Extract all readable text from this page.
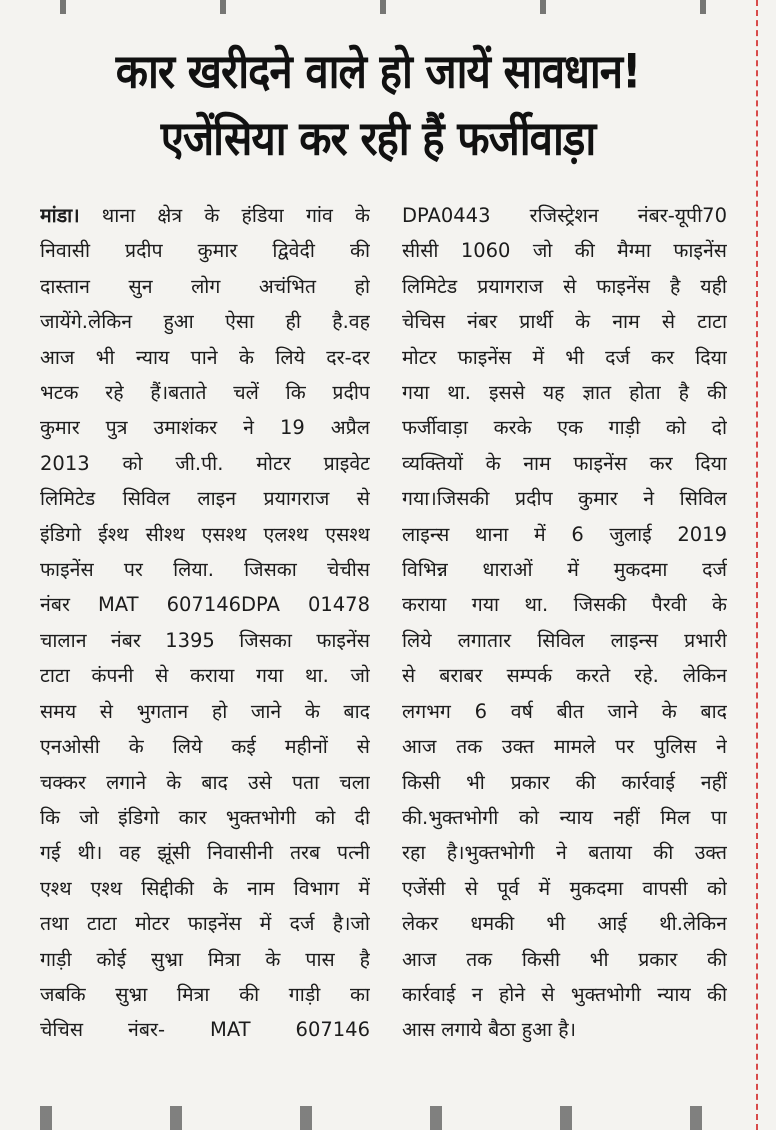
कार खरीदने वाले हो जायें सावधान!
एजेंसिया कर रही हैं फर्जीवाड़ा
मांडा। थाना क्षेत्र के हंडिया गांव के
निवासी प्रदीप कुमार द्विवेदी की
दास्तान सुन लोग अचंभित हो
जायेंगे.लेकिन हुआ ऐसा ही है.वह
आज भी न्याय पाने के लिये दर-दर
भटक रहे हैं।बताते चलें कि प्रदीप
कुमार पुत्र उमाशंकर ने 19 अप्रैल
2013 को जी.पी. मोटर प्राइवेट
लिमिटेड सिविल लाइन प्रयागराज से
इंडिगो ईश्थ सीश्थ एसश्थ एलश्थ एसश्थ
फाइनेंस पर लिया. जिसका चेचीस
नंबर MAT 607146DPA 01478
चालान नंबर 1395 जिसका फाइनेंस
टाटा कंपनी से कराया गया था. जो
समय से भुगतान हो जाने के बाद
एनओसी के लिये कई महीनों से
चक्कर लगाने के बाद उसे पता चला
कि जो इंडिगो कार भुक्तभोगी को दी
गई थी। वह झूंसी निवासीनी तरब पत्नी
एश्थ एश्थ सिद्दीकी के नाम विभाग में
तथा टाटा मोटर फाइनेंस में दर्ज है।जो
गाड़ी कोई सुभ्रा मित्रा के पास है
जबकि सुभ्रा मित्रा की गाड़ी का
चेचिस नंबर- MAT 607146
DPA0443 रजिस्ट्रेशन नंबर-यूपी70
सीसी 1060 जो की मैग्मा फाइनेंस
लिमिटेड प्रयागराज से फाइनेंस है यही
चेचिस नंबर प्रार्थी के नाम से टाटा
मोटर फाइनेंस में भी दर्ज कर दिया
गया था. इससे यह ज्ञात होता है की
फर्जीवाड़ा करके एक गाड़ी को दो
व्यक्तियों के नाम फाइनेंस कर दिया
गया।जिसकी प्रदीप कुमार ने सिविल
लाइन्स थाना में 6 जुलाई 2019
विभिन्न धाराओं में मुकदमा दर्ज
कराया गया था. जिसकी पैरवी के
लिये लगातार सिविल लाइन्स प्रभारी
से बराबर सम्पर्क करते रहे. लेकिन
लगभग 6 वर्ष बीत जाने के बाद
आज तक उक्त मामले पर पुलिस ने
किसी भी प्रकार की कार्रवाई नहीं
की.भुक्तभोगी को न्याय नहीं मिल पा
रहा है।भुक्तभोगी ने बताया की उक्त
एजेंसी से पूर्व में मुकदमा वापसी को
लेकर धमकी भी आई थी.लेकिन
आज तक किसी भी प्रकार की
कार्रवाई न होने से भुक्तभोगी न्याय की
आस लगाये बैठा हुआ है।
